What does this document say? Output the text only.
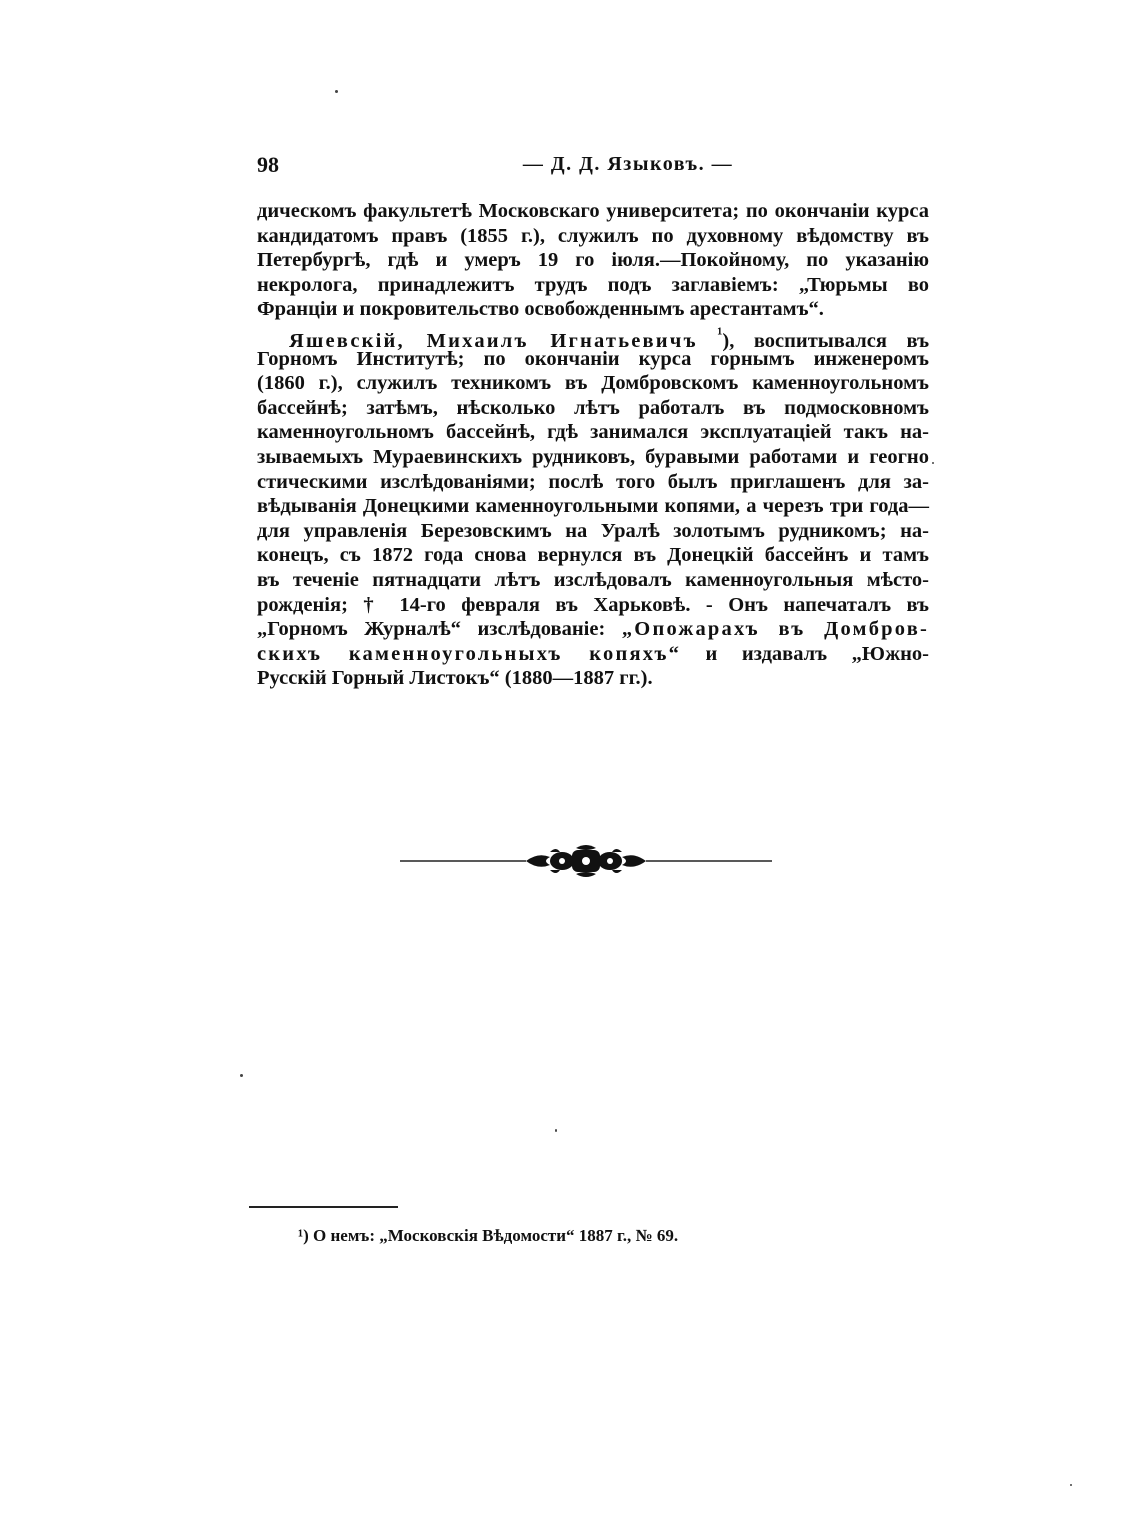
98	— Д. Д. Языковъ. —
дическомъ факультетѣ Московскаго университета; по окончаніи курса
кандидатомъ правъ (1855 г.), служилъ по духовному вѣдомству въ
Петербургѣ, гдѣ и умеръ 19 го іюля.—Покойному, по указанію
некролога, принадлежитъ трудъ подъ заглавіемъ: „Тюрьмы во
Франціи и покровительство освобожденнымъ арестантамъ“.
Яшевскій, Михаилъ Игнатьевичъ $^{^1}$), воспитывался въ
Горномъ Институтѣ; по окончаніи курса горнымъ инженеромъ
(1860 г.), служилъ техникомъ въ Домбровскомъ каменноугольномъ
бассейнѣ; затѣмъ, нѣсколько лѣтъ работалъ въ подмосковномъ
каменноугольномъ бассейнѣ, гдѣ занимался эксплуатаціей такъ на-
зываемыхъ Мураевинскихъ рудниковъ, буравыми работами и геогно
стическими изслѣдованіями; послѣ того былъ приглашенъ для за-
вѣдыванія Донецкими каменноугольными копями, а черезъ три года—
для управленія Березовскимъ на Уралѣ золотымъ рудникомъ; на-
конецъ, съ 1872 года снова вернулся въ Донецкій бассейнъ и тамъ
въ теченіе пятнадцати лѣтъ изслѣдовалъ каменноугольныя мѣсто-
рожденія; † 14-го февраля въ Харьковѣ. - Онъ напечаталъ въ
„Горномъ Журналѣ“ изслѣдованіе: „Опожарахъ въ Домбров-
скихъ каменноугольныхъ копяхъ“ и издавалъ „Южно-
Русскій Горный Листокъ“ (1880—1887 гг.).
¹) О немъ: „Московскія Вѣдомости“ 1887 г., № 69.
